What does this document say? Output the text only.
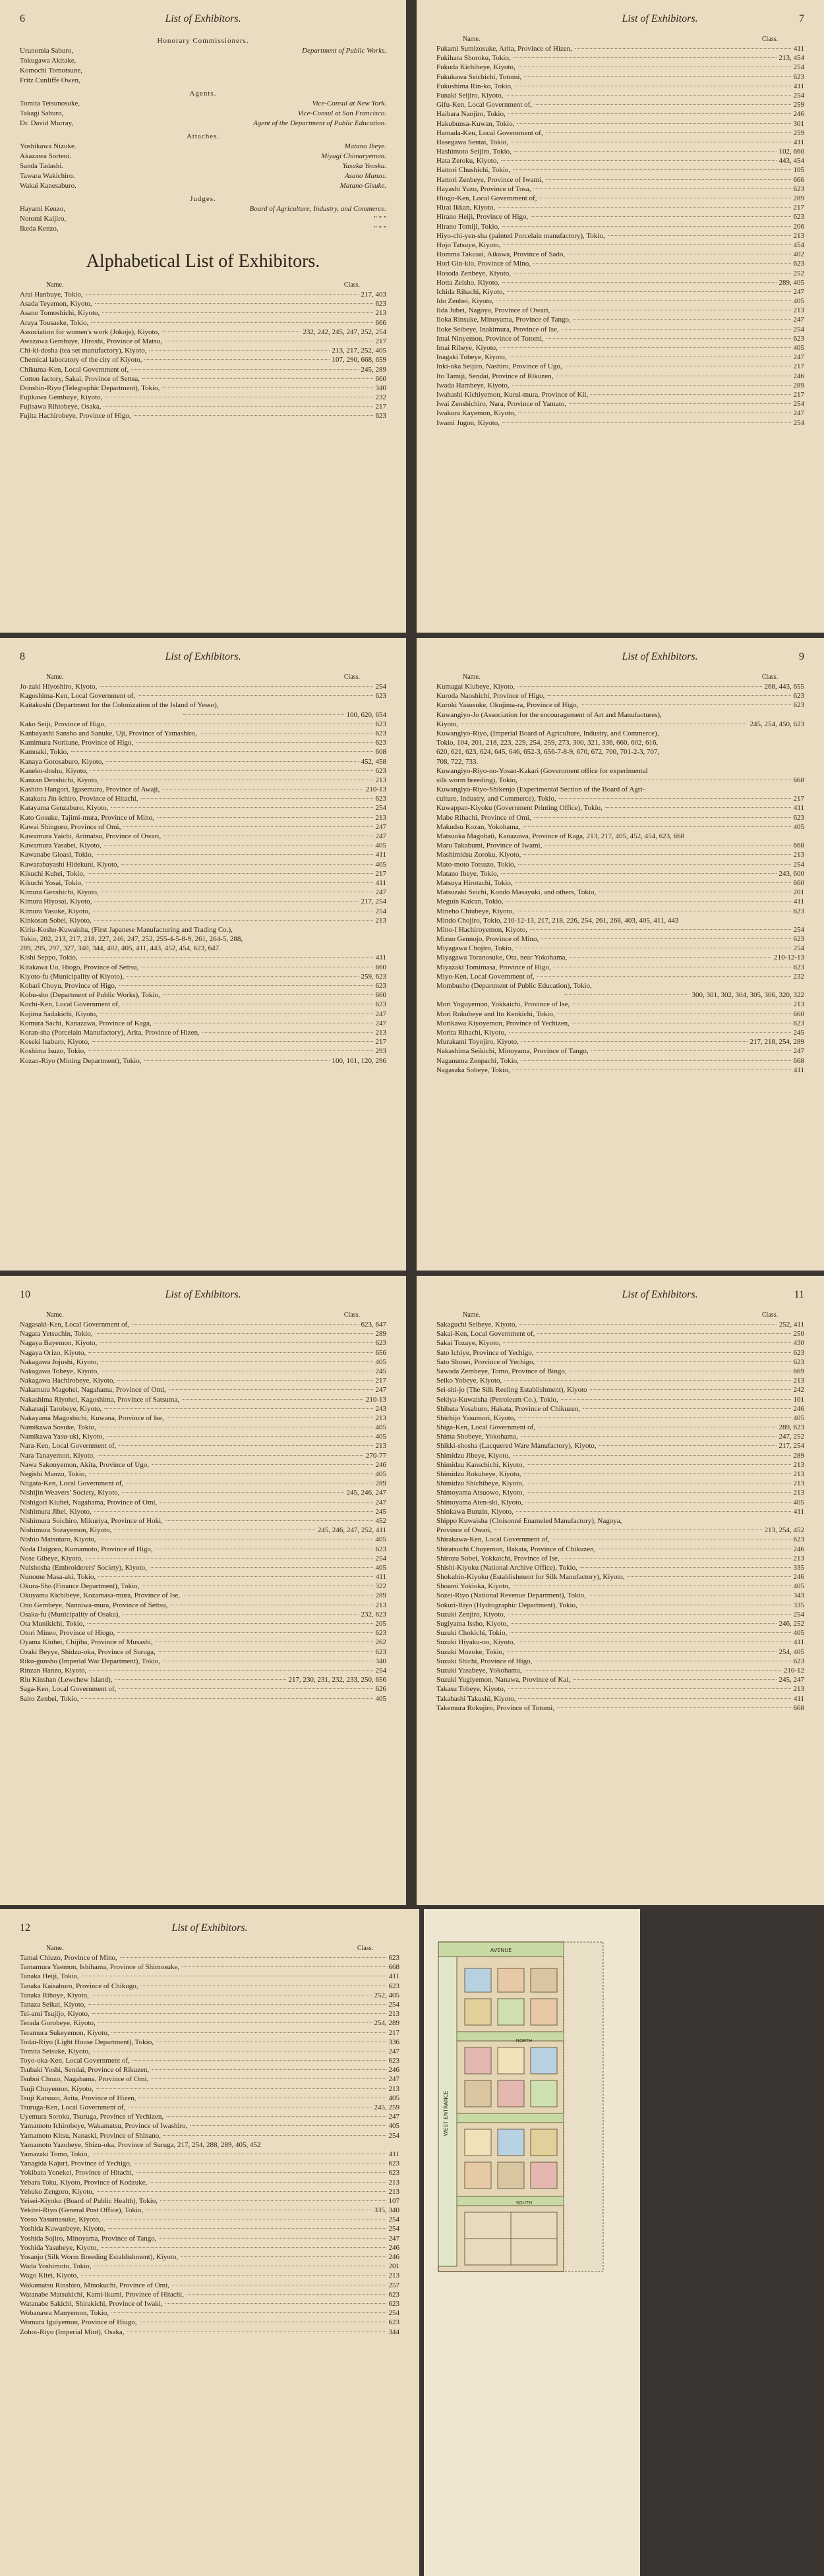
6	List of Exhibitors.
Honorary Commissioners.
Urunomia Saburo,	Department of Public Works.
Tokugawa Akitake,
Komochi Tomotsune,
Fritz Cunliffe Owen,
Agents.
Tomita Tetsunosuke,	Vice-Consul at New York.
Takagi Saburo,	Vice-Consul at San Francisco.
Dr. David Murray,	Agent of the Department of Public Education.
Attaches.
Yoshikawa Nizuke.	Matano Ibeye.
Akazawa Sorteni.	Miyagi Chimaryemon.
Sanda Tadashi.	Yasaka Yeosku.
Tawara Wakichiro.	Asano Manzo.
Wakai Kanesaburo.	Matano Gisuke.
Judges.
Hayami Kenzo,	Board of Agriculture, Industry, and Commerce.
Notomi Kaijiro,	" " "
Ikeda Kenzo,	" " "
Alphabetical List of Exhibitors.
Name.	Class.
Arai Hanbuye, Tokio,	217, 403
Asada Teyemon, Kiyoto,	623
Asano Tomoshichi, Kiyoto,	213
Araya Tousaeke, Tokio,	666
Association for women's work (Jokoje), Kiyoto,	232, 242, 245, 247, 252, 254
Awazawa Gembuye, Hiroshi, Province of Matsu,	217
Chi-ki-dosha (tea set manufactory), Kiyoto,	213, 217, 252, 405
Chemical laboratory of the city of Kiyoto,	107, 290, 668, 659
Chikuma-Ken, Local Government of,	245, 289
Cotton factory, Sakai, Province of Settsu,	660
Donshin-Riyo (Telegraphic Department), Tokio,	340
Fujikawa Gembuye, Kiyoto,	232
Fujisawa Rihiobeye, Osaka,	217
Fujita Hachirobeye, Province of Higo,	623
List of Exhibitors.	7
Name.	Class.
Fukami Sumizosuke, Arita, Province of Hizen,	411
Fukihara Shoroku, Tokio,	213, 454
Fukuda Kichibeye, Kiyoto,	254
Fukukawa Seichichi, Totomi,	623
Fukushima Rin-ko, Tokio,	411
Funaki Seijiro, Kiyoto,	254
Gifu-Ken, Local Government of,	259
Haibara Naojiro, Tokio,	246
Hakubunsa-Kuwan, Tokio,	301
Hamada-Ken, Local Government of,	259
Hasegawa Sentai, Tokio,	411
Hashimoto Seijiro, Tokio,	102, 660
Hata Zeroku, Kiyoto,	443, 454
Hattori Chushichi, Tokio,	105
Hattori Zenbeye, Province of Iwami,	666
Hayashi Yuzo, Province of Tosa,	623
Hiogo-Ken, Local Government of,	289
Hirai Ikkan, Kiyoto,	217
Hirano Heiji, Province of Higo,	623
Hirano Tomiji, Tokio,	206
Hiyo-chi-yen-sha (painted Porcelain manufactory), Tokio,	213
Hojo Tatsuye, Kiyoto,	454
Homma Takusai, Aikawa, Province of Sado,	402
Hori Gin-kio, Province of Mino,	623
Hosoda Zenbeye, Kiyoto,	252
Hotta Zeisho, Kiyoto,	289, 405
Ichida Rihachi, Kiyoto,	247
Ido Zenbei, Kiyoto,	405
Iida Jubei, Nagoya, Province of Owari,	213
Iioka Rinsuke, Minoyama, Province of Tango,	247
Iioke Seibeye, Inakimura, Province of Ise,	254
Imai Ninyemon, Province of Totomi,	623
Imai Riheye, Kiyoto,	405
Inagaki Tobeye, Kiyoto,	247
Inki-oka Seijiro, Nashiro, Province of Ugo,	217
Ito Tamiji, Sendai, Province of Rikuzen,	246
Iwada Hambeye, Kiyoto,	289
Iwahashi Kichiyemon, Kurui-mura, Province of Kii,	217
Iwai Zenshichiro, Nara, Province of Yamato,	254
Iwakura Kayemon, Kiyoto,	247
Iwami Jugon, Kiyoto,	254
8	List of Exhibitors.
Name.	Class.
Jo-zaki Hiyoshiro, Kiyoto,	254
Kagoshima-Ken, Local Government of,	623
Kaitakushi (Department for the Colonization of the Island of Yesso),
100, 620, 654
Kako Seiji, Province of Higo,	623
Kanbayashi Sansho and Sanuke, Uji, Province of Yamashiro,	623
Kamimura Noritane, Province of Higo,	623
Kamoaki, Tokio,	608
Kanaya Gorosaburo, Kiyoto,	452, 458
Kaneko-doshu, Kiyoto,	623
Kanzan Denshichi, Kiyoto,	213
Kashiro Hangori, Igasemura, Province of Awaji,	210-13
Katakura Jin-ichiro, Province of Hitachi,	623
Katayama Genzaburo, Kiyoto,	254
Kato Gosuke, Tajimi-mura, Province of Mino,	213
Kawai Shingoro, Province of Omi,	247
Kawamura Yaichi, Arimatsu, Province of Owari,	247
Kawamura Yasabei, Kiyoto,	405
Kawanabe Gioasi, Tokio,	411
Kawarabayashi Hidekuni, Kiyoto,	405
Kikuchi Kuhei, Tokio,	217
Kikuchi Yosai, Tokio,	411
Kimura Genshichi, Kiyoto,	247
Kimura Hiyosai, Kiyoto,	217, 254
Kimura Yasuke, Kiyoto,	254
Kinkosan Sobei, Kiyoto,	213
Kiriu-Kosho-Kuwaisha, (First Japanese Manufacturing and Trading Co.),
Tokio, 202, 213, 217, 218, 227, 246, 247, 252, 255-4-5-8-9, 261, 264-5, 288,
289, 295, 297, 327, 340, 344, 402, 405, 411, 443, 452, 454, 623, 647.
Kishi Seppo, Tokio,	411
Kitakawa Uo, Hiogo, Province of Settsu,	660
Kiyoto-fu (Municipality of Kiyoto),	259, 623
Kobari Choyu, Province of Higo,	623
Kobu-sho (Department of Public Works), Tokio,	660
Kochi-Ken, Local Government of,	623
Kojima Sadakichi, Kiyoto,	247
Komura Sachi, Kanazawa, Province of Kaga,	247
Koran-sha (Porcelain Manufactory), Arita, Province of Hizen,	213
Koseki Isaburo, Kiyoto,	217
Koshima Isuzo, Tokio,	293
Kozan-Riyo (Mining Department), Tokio,	100, 101, 120, 296
List of Exhibitors.	9
Name.	Class.
Kumagai Kiubeye, Kiyoto,	268, 443, 655
Kuroda Naoshichi, Province of Higo,	623
Kuroki Yasusuke, Okujima-ra, Province of Higo,	623
Kuwangiyo-Jo (Association for the encouragement of Art and Manufactures),
Kiyoto,	245, 254, 450, 623
Kuwangiyo-Riyo, (Imperial Board of Agriculture, Industry, and Commerce),
Tokio, 104, 201, 218, 223, 229, 254, 259, 273, 300, 321, 336, 660, 602, 616,
620, 621, 623, 624, 645, 646, 652-3, 656-7-8-9, 670, 672, 700, 701-2-3, 707,
708, 722, 733.
Kuwangiyo-Riyo-no-Yosan-Kakari (Government office for experimental
silk worm breeding), Tokio,	668
Kuwangiyo-Riyo-Shikenjo (Experimental Section of the Board of Agri-
culture, Industry, and Commerce), Tokio,	217
Kuwappan-Kiyoku (Government Printing Office), Tokio,	411
Mabe Rihachi, Province of Omi,	623
Makudsu Kozan, Yokohama,	405
Matsuoka Magohati, Kanazawa, Province of Kaga, 213, 217, 405, 452, 454, 623, 668
Maru Takabumi, Province of Iwami,	668
Mashimidsu Zoroku, Kiyoto,	213
Mato-moto Totsuzo, Tokio,	254
Matano Ibeye, Tokio,	243, 600
Matsuya Hirotachi, Tokio,	660
Matsuzaki Seichi, Kondo Masayuki, and others, Tokio,	201
Meguin Kaican, Tokio,	411
Mineho Chiubeye, Kiyoto,	623
Mindo Chojiro, Tokio, 210-12-13, 217, 218, 226, 254, 261, 268, 403, 405, 411, 443
Mino-I Hachiroyemon, Kiyoto,	254
Mizuo Gennojo, Province of Mino,	623
Miyagawa Chojiro, Tokio,	254
Miyagawa Toranosuke, Ota, near Yokohama,	210-12-13
Miyazaki Tomimasa, Province of Higo,	623
Miyo-Ken, Local Government of,	232
Mombusho (Department of Public Education), Tokio,
300, 301, 302, 304, 305, 306, 320, 322
Mori Yoguyemon, Yokkaichi, Province of Ise,	213
Mori Rokubeye and Ito Kenkichi, Tokio,	660
Morikawa Kiyoyemon, Province of Yechizen,	623
Morita Rihachi, Kiyoto,	245
Murakami Toyojiro, Kiyoto,	217, 218, 254, 289
Nakashima Seikichi, Minoyama, Province of Tango,	247
Naganuma Zenpachi, Tokio,	668
Nagasaka Sobeye, Tokio,	411
10	List of Exhibitors.
Name.	Class.
Nagasaki-Ken, Local Government of,	623, 647
Nagata Yetsuchin, Tokio,	289
Nagaya Bayemon, Kiyoto,	623
Nagaya Orizo, Kiyoto,	656
Nakagawa Jojushi, Kiyoto,	405
Nakagawa Tobeye, Kiyoto,	245
Nakagawa Hachirobeye, Kiyoto,	217
Nakamura Magohei, Nagahama, Province of Omi,	247
Nakashima Riyohei, Kagoshima, Province of Satsuma,	210-13
Nakatsuji Tarobeye, Kiyoto,	243
Nakayama Magoshichi, Kuwana, Province of Ise,	213
Namikawa Sosuke, Tokio,	405
Namikawa Yasu-uki, Kiyoto,	405
Nara-Ken, Local Government of,	213
Nara Tanayemon, Kiyoto,	270-77
Nawa Sakonyemon, Akita, Province of Ugo,	246
Negishi Manzo, Tokio,	405
Niigata-Ken, Local Government of,	289
Nishijin Weavers' Society, Kiyoto,	245, 246, 247
Nishigori Kiuhei, Nagahama, Province of Omi,	247
Nishimura Jihei, Kiyoto,	245
Nishimura Soichiro, Mikuriya, Province of Hoki,	452
Nishimura Sozayemon, Kiyoto,	245, 246, 247, 252, 411
Nishio Matsutaro, Kiyoto,	405
Noda Daigoro, Kumamoto, Province of Higo,	623
Nose Gibeye, Kiyoto,	254
Nuishosha (Embroiderers' Society), Kiyoto,	405
Nunome Masa-aki, Tokio,	411
Okura-Sho (Finance Department), Tokio,	322
Okuyama Kichibeye, Kozamasa-mura, Province of Ise,	289
Ono Gembeye, Nanniwa-mura, Province of Settsu,	213
Osaka-fu (Municipality of Osaka),	232, 623
Ota Munikichi, Tokio,	205
Otori Mineo, Province of Hiogo,	623
Oyama Kiuhei, Chijiba, Province of Musashi,	262
Ozaki Beyye, Shidzu-oka, Province of Suruga,	623
Riku-gunsho (Imperial War Department), Tokio,	340
Rinzan Hanzo, Kiyoto,	254
Riu Kinshan (Lewchew Island),	217, 230, 231, 232, 233, 250, 656
Saga-Ken, Local Government of,	626
Saito Zenbei, Tokio,	405
List of Exhibitors.	11
Name.	Class.
Sakaguchi Seibeye, Kiyoto,	252, 411
Sakai-Ken, Local Government of,	250
Sakai Tozaye, Kiyoto,	430
Sato Ichiye, Province of Yechigo,	623
Sato Shosei, Province of Yechigo,	623
Sawada Zembeye, Tomo, Province of Bingo,	669
Seiko Yobeye, Kiyoto,	213
Sei-shi-jo (The Silk Reeling Establishment), Kiyoto	242
Sekiya-Kuwaisha (Petroleum Co.), Tokio,	101
Shibata Yosaburo, Hakata, Province of Chikuzen,	246
Shichijo Yasumori, Kiyoto,	405
Shiga-Ken, Local Government of,	289, 623
Shima Shobeye, Yokohama,	247, 252
Shikki-shosha (Lacquered Ware Manufactory), Kiyoto,	217, 254
Shimidzu Jibeye, Kiyoto,	289
Shimidzu Kanschichi, Kiyoto,	213
Shimidzu Rokubeye, Kiyoto,	213
Shimidzu Shichibeye, Kiyoto,	213
Shimoyama Atsuowo, Kiyoto,	213
Shimoyama Aten-ski, Kiyoto,	405
Shinkawa Bunzin, Kiyoto,	411
Shippo Kuwaisha (Cloisonné Enameled Manufactory), Nagoya,
Province of Owari,	213, 254, 452
Shirakawa-Ken, Local Government of,	623
Shiratsuchi Chuyemon, Hakata, Province of Chikuzen,	246
Shirozu Sobei, Yokkaichi, Province of Ise,	213
Shishi-Kiyoku (National Archive Office), Tokio,	335
Shokuhin-Kiyoku (Establishment for Silk Manufactory), Kiyoto,	246
Shoami Yokioka, Kiyoto,	405
Sozei-Riyo (National Revenue Department), Tokio,	343
Sokuri-Riyo (Hydrographic Department), Tokio,	335
Suzuki Zenjiro, Kiyoto,	254
Sugiyama Issho, Kiyoto,	246, 252
Suzuki Chokichi, Tokio,	405
Suzuki Hiyaku-oo, Kiyoto,	411
Suzuki Mozoke, Tokio,	254, 405
Suzuki Shichi, Province of Higo,	623
Suzuki Yasabeye, Yokohama,	210-12
Suzuki Yugiyemon, Nanawa, Province of Kai,	245, 247
Takasu Tobeye, Kiyoto,	213
Takahashi Takushi, Kiyoto,	411
Takemura Rokujiro, Province of Totomi,	668
12	List of Exhibitors.
Name.	Class.
Tamai Chiuzo, Province of Mino,	623
Tamamura Yaemon, Ishihama, Province of Shimosuke,	668
Tanaka Heiji, Tokio,	411
Tanaka Kaisaburo, Province of Chikugo,	623
Tanaka Rihoye, Kiyoto,	252, 405
Tanaza Seikai, Kiyoto,	254
Tei-ami Tsujijo, Kiyoto,	213
Terada Gorobeye, Kiyoto,	254, 289
Teramura Sukeyemon, Kiyoto,	217
Todai-Riyo (Light House Department), Tokio,	336
Tomita Seisuke, Kiyoto,	247
Toyo-oka-Ken, Local Government of,	623
Tsubaki Yoshi, Sendai, Province of Rikuzen,	246
Tsuboi Chozo, Nagahama, Province of Omi,	247
Tsuji Chuyemon, Kiyoto,	213
Tsuji Katsuzo, Arita, Province of Hizen,	405
Tsuruga-Ken, Local Government of,	245, 259
Uyemura Soroku, Tsuruga, Province of Yechizen,	247
Yamamoto Ichirobeye, Wakamatsu, Province of Iwashiro,	405
Yamamoto Kitsu, Nanaski, Province of Shinano,	254
Yamamoto Yazobeye, Shizu-oka, Province of Suruga, 217, 254, 288, 289, 405, 452
Yamazaki Tomo, Tokio,	411
Yanagida Kajuri, Province of Yechigo,	623
Yokibara Yonekei, Province of Hitachi,	623
Yebara Toku, Kiyoto, Province of Kodzuke,	213
Yebuko Zengoro, Kiyoto,	213
Yeisei-Kiyoku (Board of Public Health), Tokio,	107
Yekitei-Riyo (General Post Office), Tokio,	335, 340
Yosso Yasumasuke, Kiyoto,	254
Yoshida Kuwanbeye, Kiyoto,	254
Yoshida Sojiro, Minoyama, Province of Tango,	247
Yoshida Yasubeye, Kiyoto,	246
Yosanjo (Silk Worm Breeding Establishment), Kiyoto,	246
Wada Yoshimoto, Tokio,	201
Wago Kitei, Kiyoto,	213
Wakamatsu Rinshiro, Minokuchi, Province of Omi,	257
Watanabe Matsukichi, Kami-ikumi, Province of Hitachi,	623
Watanabe Sakichi, Shirakichi, Province of Iwaki,	623
Wobanawa Manyemon, Tokio,	254
Womura Iguiyemon, Province of Hiugo,	623
Zohoi-Riyo (Imperial Mint), Osaka,	344
AVENUE
WEST ENTRANCE
NORTH
SOUTH
